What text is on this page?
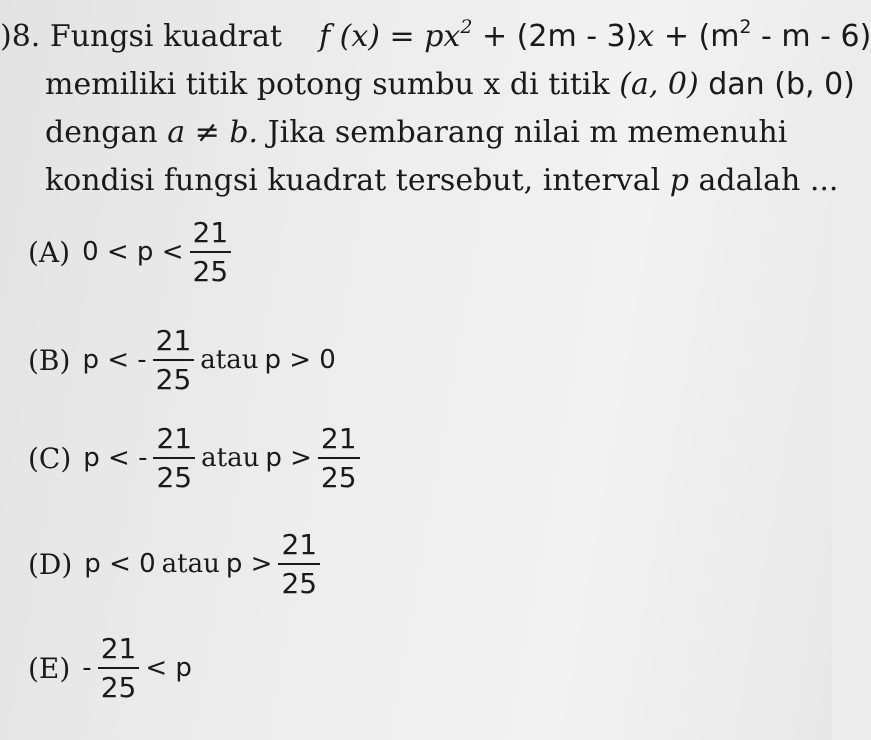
)8. Fungsi kuadrat f $(x) = px^2 + (2m - 3)x + (m^2 - m - 6)$
memiliki titik potong sumbu x di titik (a, 0) dan (b, 0)
dengan a ≠ b. Jika sembarang nilai m memenuhi
kondisi fungsi kuadrat tersebut, interval p adalah ...
(A) $0 < p < \frac{21}{25}$
(B) p < - $\frac{21}{25}$ atau p > 0
(C) p < - $\frac{21}{25}$ atau $p > \frac{21}{25}$
(D) p < 0 atau $p > \frac{21}{25}$
$(E) - \frac{21}{25} < p$
